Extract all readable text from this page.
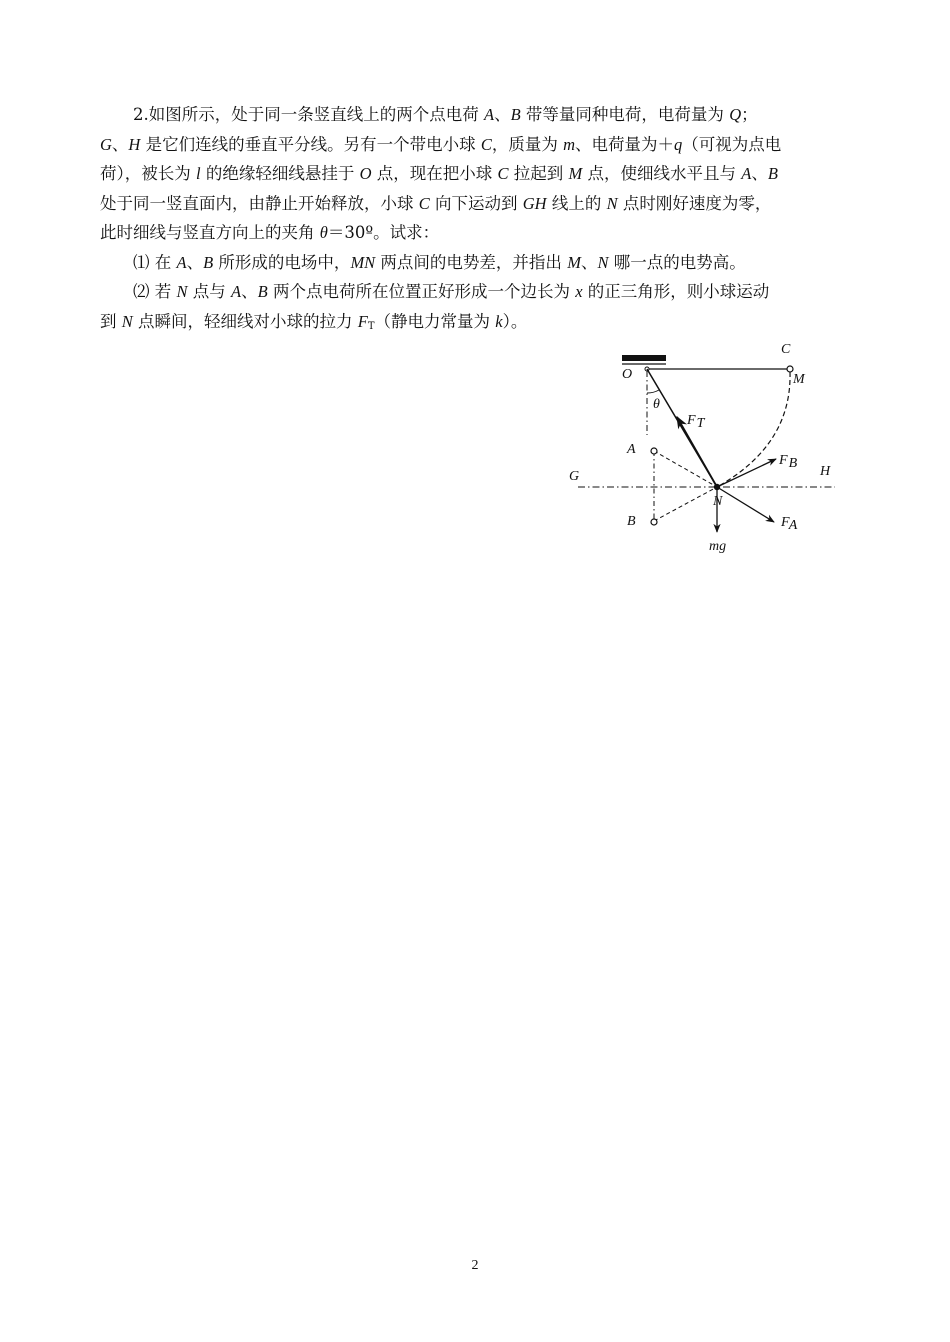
2.如图所示，处于同一条竖直线上的两个点电荷 A、B 带等量同种电荷，电荷量为 Q；
G、H 是它们连线的垂直平分线。另有一个带电小球 C，质量为 m、电荷量为＋q（可视为点电
荷），被长为 l 的绝缘轻细线悬挂于 O 点，现在把小球 C 拉起到 M 点，使细线水平且与 A、B
处于同一竖直面内，由静止开始释放，小球 C 向下运动到 GH 线上的 N 点时刚好速度为零，
此时细线与竖直方向上的夹角 θ＝30º。试求：

⑴ 在 A、B 所形成的电场中，MN 两点间的电势差，并指出 M、N 哪一点的电势高。

⑵ 若 N 点与 A、B 两个点电荷所在位置正好形成一个边长为 x 的正三角形，则小球运动
到 N 点瞬间，轻细线对小球的拉力 $F_T$（静电力常量为 k）。

C
O	M
θ
FT
A
G
FB
H
N
B	FA
mg
2
